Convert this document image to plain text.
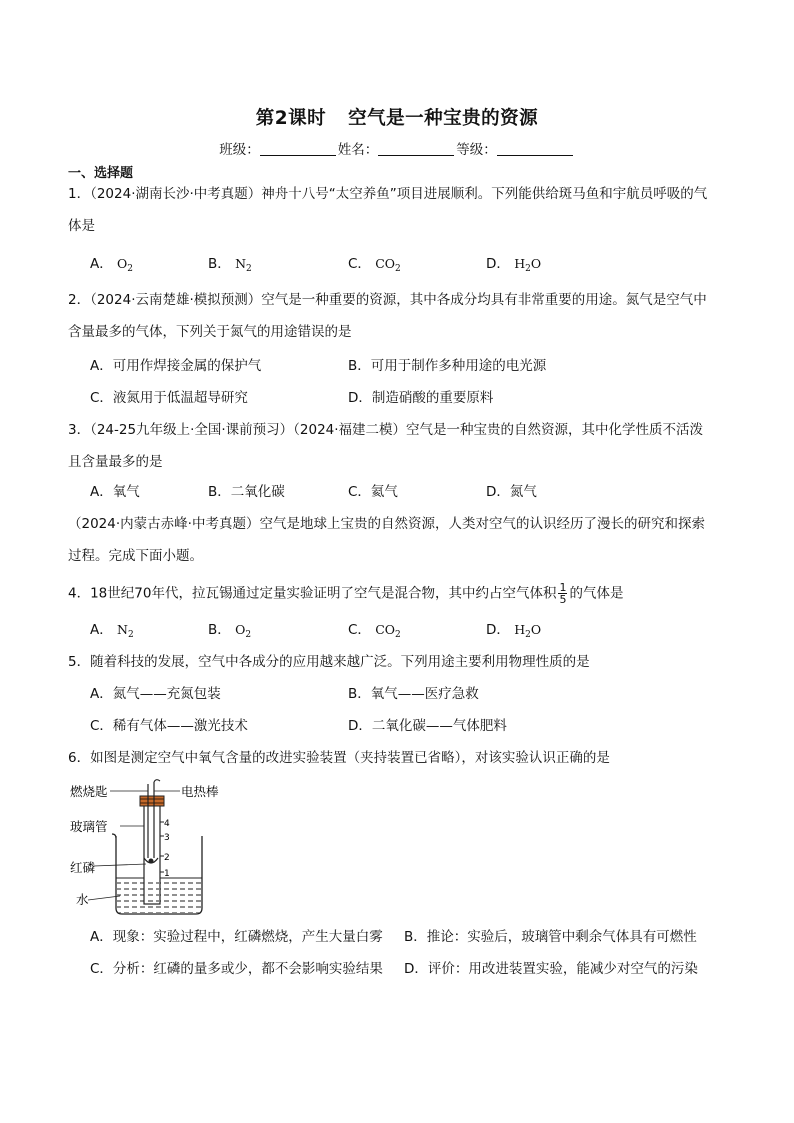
第2课时 空气是一种宝贵的资源
班级：	姓名：	等级：
一、选择题
1．（2024·湖南长沙·中考真题）神舟十八号“太空养鱼”项目进展顺利。下列能供给斑马鱼和宇航员呼吸的气
体是
A． $O_2$	B． $N_2$	C． $CO_2$	D． $H_2O$
2．（2024·云南楚雄·模拟预测）空气是一种重要的资源，其中各成分均具有非常重要的用途。氮气是空气中
含量最多的气体，下列关于氮气的用途错误的是
A．可用作焊接金属的保护气	B．可用于制作多种用途的电光源
C．液氮用于低温超导研究	D．制造硝酸的重要原料
3．（24-25九年级上·全国·课前预习）（2024·福建二模）空气是一种宝贵的自然资源，其中化学性质不活泼
且含量最多的是
A．氧气	B．二氧化碳	C．氦气	D．氮气
（2024·内蒙古赤峰·中考真题）空气是地球上宝贵的自然资源，人类对空气的认识经历了漫长的研究和探索
过程。完成下面小题。
4．18世纪70年代，拉瓦锡通过定量实验证明了空气是混合物，其中约占空气体积 $\frac{1}{5}$ 的气体是
A． $N_2$	B． $O_2$	C． $CO_2$	D． $H_2O$
5．随着科技的发展，空气中各成分的应用越来越广泛。下列用途主要利用物理性质的是
A．氮气——充氮包装	B．氧气——医疗急救
C．稀有气体——激光技术	D．二氧化碳——气体肥料
6．如图是测定空气中氧气含量的改进实验装置（夹持装置已省略），对该实验认识正确的是
4
3
2
1
燃烧匙	电热棒
玻璃管
红磷
水
A．现象：实验过程中，红磷燃烧，产生大量白雾 B．推论：实验后，玻璃管中剩余气体具有可燃性
C．分析：红磷的量多或少，都不会影响实验结果 D．评价：用改进装置实验，能减少对空气的污染
